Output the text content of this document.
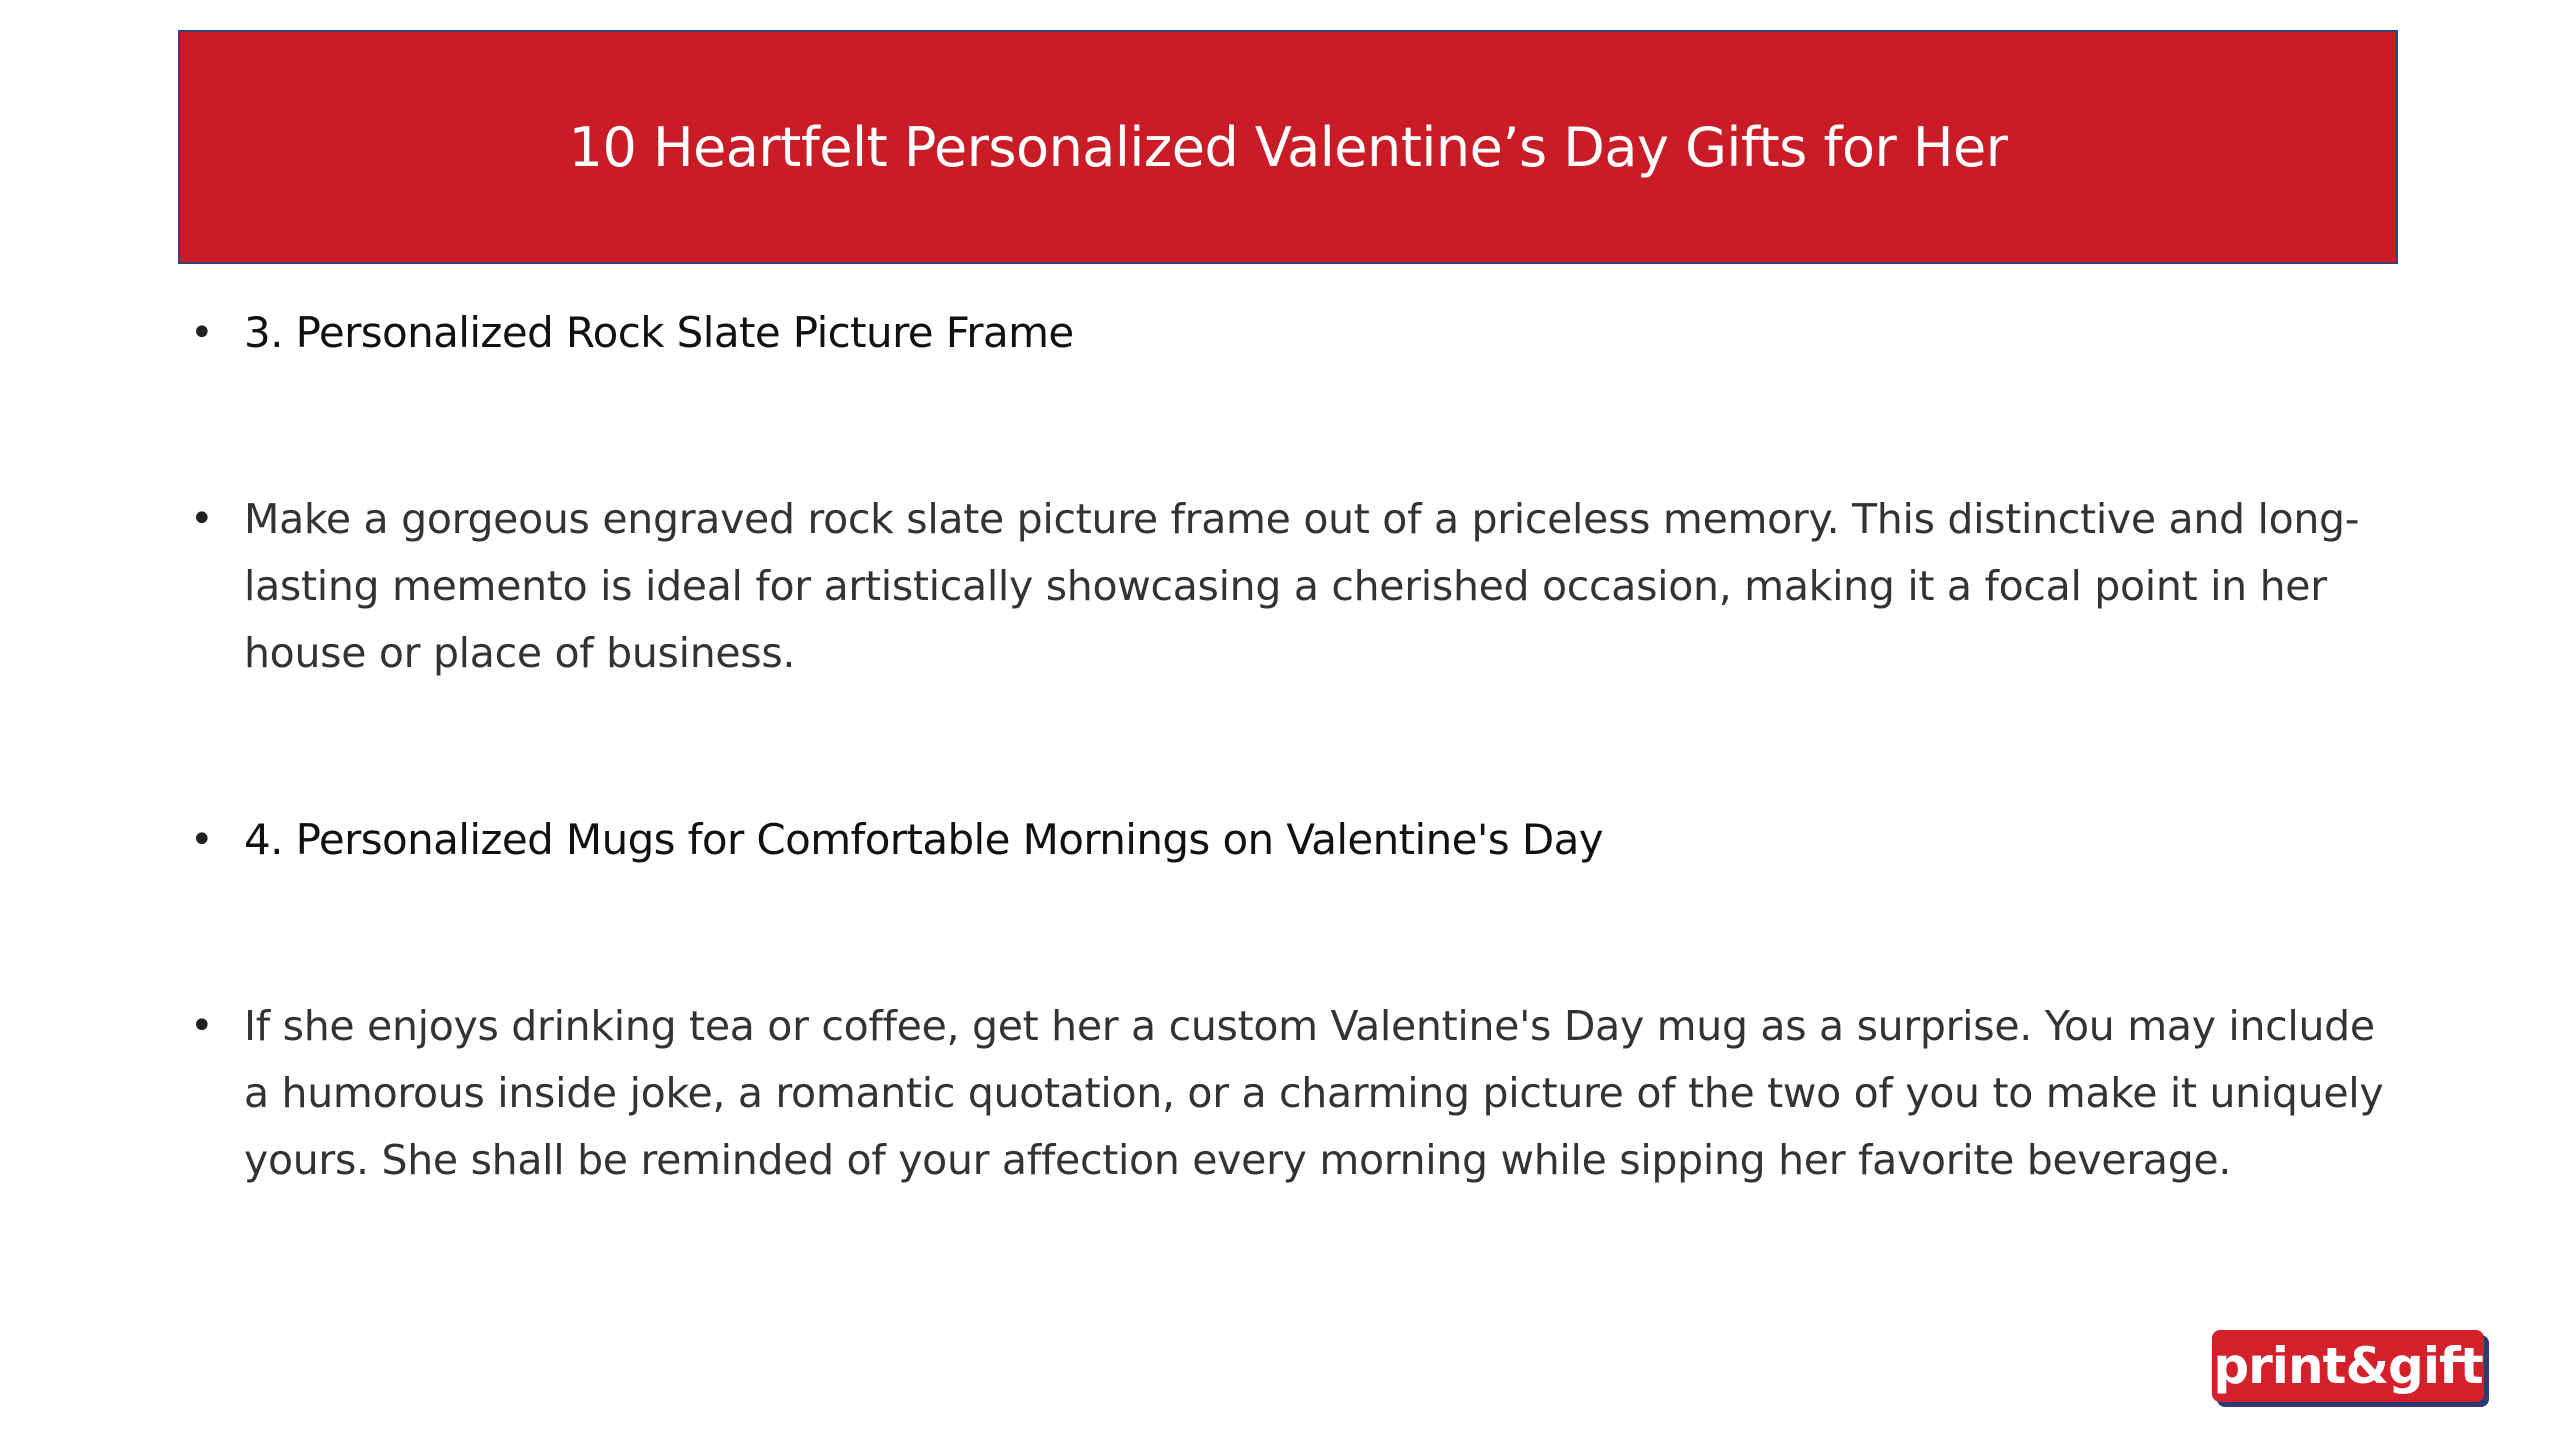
10 Heartfelt Personalized Valentine’s Day Gifts for Her
• 3. Personalized Rock Slate Picture Frame
• Make a gorgeous engraved rock slate picture frame out of a priceless memory. This distinctive and long-lasting memento is ideal for artistically showcasing a cherished occasion, making it a focal point in her house or place of business.
• 4. Personalized Mugs for Comfortable Mornings on Valentine's Day
• If she enjoys drinking tea or coffee, get her a custom Valentine's Day mug as a surprise. You may include a humorous inside joke, a romantic quotation, or a charming picture of the two of you to make it uniquely yours. She shall be reminded of your affection every morning while sipping her favorite beverage.
print&gift
